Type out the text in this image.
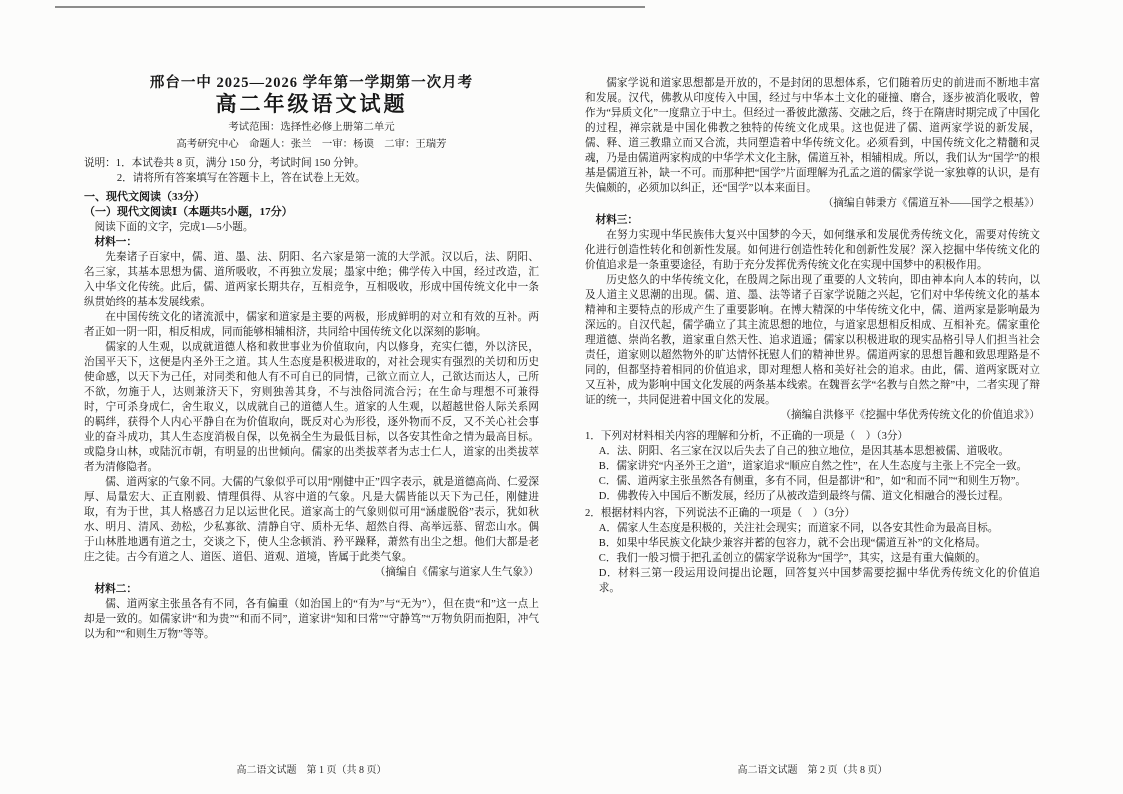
邢台一中 2025—2026 学年第一学期第一次月考

高二年级语文试题

考试范围：选择性必修上册第二单元

高考研究中心　命题人：张兰　一审：杨谟　二审：王瑞芳

说明：1．本试卷共 8 页，满分 150 分，考试时间 150 分钟。

2．请将所有答案填写在答题卡上，答在试卷上无效。

一、现代文阅读（33分）

（一）现代文阅读Ⅰ（本题共5小题，17分）

阅读下面的文字，完成1—5小题。

材料一：

先秦诸子百家中，儒、道、墨、法、阴阳、名六家是第一流的大学派。汉以后，法、阴阳、名三家，其基本思想为儒、道所吸收，不再独立发展；墨家中绝；佛学传入中国，经过改造，汇入中华文化传统。此后，儒、道两家长期共存，互相竞争，互相吸收，形成中国传统文化中一条纵贯始终的基本发展线索。

在中国传统文化的诸流派中，儒家和道家是主要的两极，形成鲜明的对立和有效的互补。两者正如一阴一阳，相反相成，同而能够相辅相济，共同给中国传统文化以深刻的影响。

儒家的人生观，以成就道德人格和救世事业为价值取向，内以修身，充实仁德，外以济民，治国平天下，这便是内圣外王之道。其人生态度是积极进取的，对社会现实有强烈的关切和历史使命感，以天下为己任，对同类和他人有不可自已的同情，己欲立而立人，己欲达而达人，己所不欲，勿施于人，达则兼济天下，穷则独善其身，不与浊俗同流合污；在生命与理想不可兼得时，宁可杀身成仁，舍生取义，以成就自己的道德人生。道家的人生观，以超越世俗人际关系网的羁绊，获得个人内心平静自在为价值取向，既反对心为形役，逐外物而不反，又不关心社会事业的奋斗成功，其人生态度消极自保，以免祸全生为最低目标，以各安其性命之情为最高目标。或隐身山林，或陆沉市朝，有明显的出世倾向。儒家的出类拔萃者为志士仁人，道家的出类拔萃者为清修隐者。

儒、道两家的气象不同。大儒的气象似乎可以用“刚健中正”四字表示，就是道德高尚、仁爱深厚、局量宏大、正直刚毅、情理俱得、从容中道的气象。凡是大儒皆能以天下为己任，刚健进取，有为于世，其人格感召力足以运世化民。道家高士的气象则似可用“涵虚脱俗”表示，犹如秋水、明月、清风、劲松，少私寡欲、清静自守、质朴无华、超然自得、高举远慕、留恋山水。偶于山林胜地遇有道之士，交谈之下，使人尘念顿消、矜平躁释，萧然有出尘之想。他们大都是老庄之徒。古今有道之人、道医、道侣、道观、道境，皆属于此类气象。

（摘编自《儒家与道家人生气象》）

材料二：

儒、道两家主张虽各有不同，各有偏重（如治国上的“有为”与“无为”），但在贵“和”这一点上却是一致的。如儒家讲“和为贵”“和而不同”，道家讲“知和曰常”“守静笃”“万物负阴而抱阳，冲气以为和”“和则生万物”等等。

儒家学说和道家思想都是开放的，不是封闭的思想体系，它们随着历史的前进而不断地丰富和发展。汉代，佛教从印度传入中国，经过与中华本土文化的碰撞、磨合，逐步被消化吸收，曾作为“异质文化”一度鼎立于中土。但经过一番彼此激荡、交融之后，终于在隋唐时期完成了中国化的过程，禅宗就是中国化佛教之独特的传统文化成果。这也促进了儒、道两家学说的新发展，儒、释、道三教鼎立而又合流，共同塑造着中华传统文化。必须看到，中国传统文化之精髓和灵魂，乃是由儒道两家构成的中华学术文化主脉，儒道互补，相辅相成。所以，我们认为“国学”的根基是儒道互补，缺一不可。而那种把“国学”片面理解为孔孟之道的儒家学说一家独尊的认识，是有失偏颇的，必须加以纠正，还“国学”以本来面目。

（摘编自韩秉方《儒道互补——国学之根基》）

材料三：

在努力实现中华民族伟大复兴中国梦的今天，如何继承和发展优秀传统文化，需要对传统文化进行创造性转化和创新性发展。如何进行创造性转化和创新性发展？深入挖掘中华传统文化的价值追求是一条重要途径，有助于充分发挥优秀传统文化在实现中国梦中的积极作用。

历史悠久的中华传统文化，在殷周之际出现了重要的人文转向，即由神本向人本的转向，以及人道主义思潮的出现。儒、道、墨、法等诸子百家学说随之兴起，它们对中华传统文化的基本精神和主要特点的形成产生了重要影响。在博大精深的中华传统文化中，儒、道两家是影响最为深远的。自汉代起，儒学确立了其主流思想的地位，与道家思想相反相成、互相补充。儒家重伦理道德、崇尚名教，道家重自然天性、追求逍遥；儒家以积极进取的现实品格引导人们担当社会责任，道家则以超然物外的旷达情怀抚慰人们的精神世界。儒道两家的思想旨趣和致思理路是不同的，但都坚持着相同的价值追求，即对理想人格和美好社会的追求。由此，儒、道两家既对立又互补，成为影响中国文化发展的两条基本线索。在魏晋玄学“名教与自然之辩”中，二者实现了辩证的统一，共同促进着中国文化的发展。

（摘编自洪修平《挖掘中华优秀传统文化的价值追求》）

1．下列对材料相关内容的理解和分析，不正确的一项是（　）（3分）

A．法、阴阳、名三家在汉以后失去了自己的独立地位，是因其基本思想被儒、道吸收。

B．儒家讲究“内圣外王之道”，道家追求“顺应自然之性”，在人生态度与主张上不完全一致。

C．儒、道两家主张虽然各有侧重，多有不同，但是都讲“和”，如“和而不同”“和则生万物”。

D．佛教传入中国后不断发展，经历了从被改造到最终与儒、道文化相融合的漫长过程。

2．根据材料内容，下列说法不正确的一项是（　）（3分）

A．儒家人生态度是积极的，关注社会现实；而道家不同，以各安其性命为最高目标。

B．如果中华民族文化缺少兼容并蓄的包容力，就不会出现“儒道互补”的文化格局。

C．我们一般习惯于把孔孟创立的儒家学说称为“国学”，其实，这是有重大偏颇的。

D．材料三第一段运用设问提出论题，回答复兴中国梦需要挖掘中华优秀传统文化的价值追求。

高二语文试题　第 1 页（共 8 页）	高二语文试题　第 2 页（共 8 页）
